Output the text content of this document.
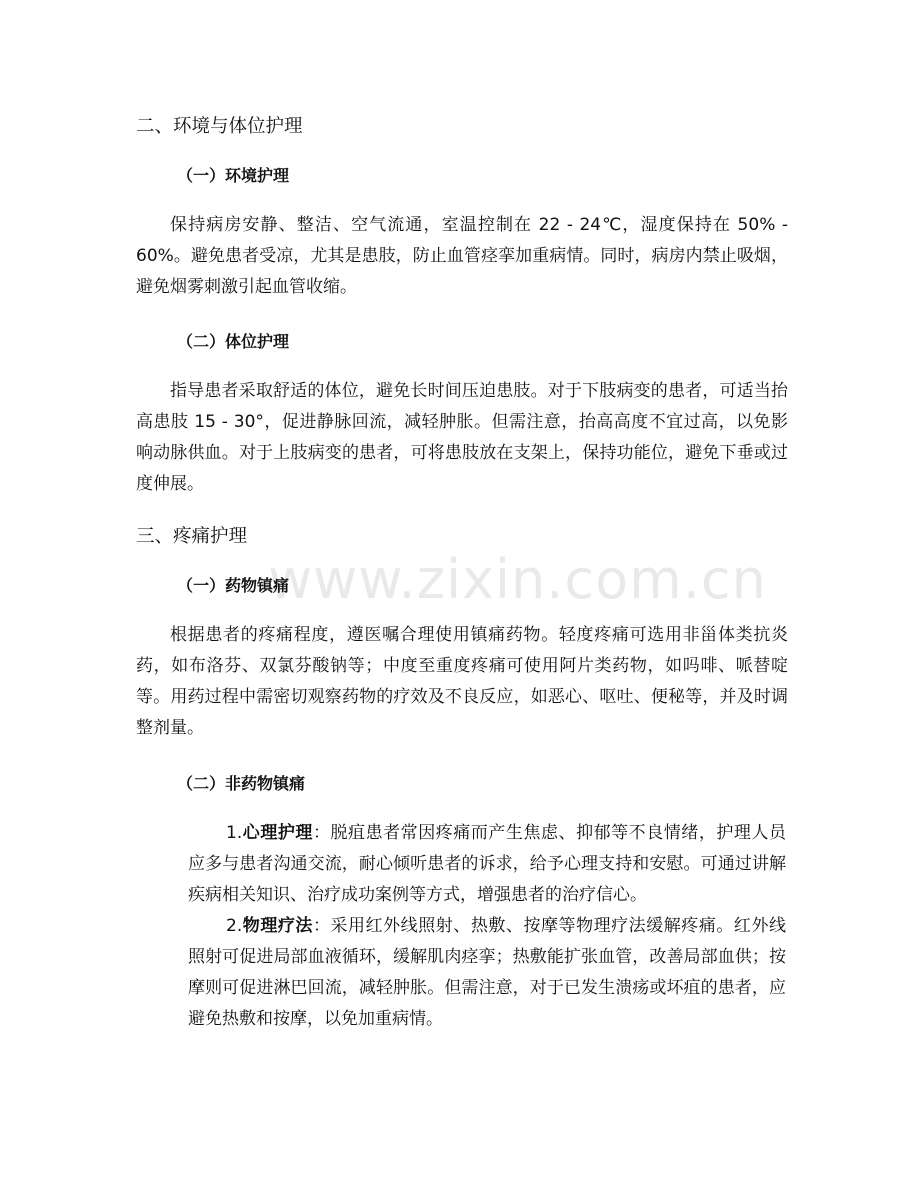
www.zixin.com.cn
二、环境与体位护理
（一）环境护理

保持病房安静、整洁、空气流通，室温控制在 22 - 24℃，湿度保持在 50% - 60%。避免患者受凉，尤其是患肢，防止血管痉挛加重病情。同时，病房内禁止吸烟，避免烟雾刺激引起血管收缩。

（二）体位护理

指导患者采取舒适的体位，避免长时间压迫患肢。对于下肢病变的患者，可适当抬高患肢 15 - 30°，促进静脉回流，减轻肿胀。但需注意，抬高高度不宜过高，以免影响动脉供血。对于上肢病变的患者，可将患肢放在支架上，保持功能位，避免下垂或过度伸展。

三、疼痛护理
（一）药物镇痛

根据患者的疼痛程度，遵医嘱合理使用镇痛药物。轻度疼痛可选用非甾体类抗炎药，如布洛芬、双氯芬酸钠等；中度至重度疼痛可使用阿片类药物，如吗啡、哌替啶等。用药过程中需密切观察药物的疗效及不良反应，如恶心、呕吐、便秘等，并及时调整剂量。

（二）非药物镇痛

1.心理护理：脱疽患者常因疼痛而产生焦虑、抑郁等不良情绪，护理人员应多与患者沟通交流，耐心倾听患者的诉求，给予心理支持和安慰。可通过讲解疾病相关知识、治疗成功案例等方式，增强患者的治疗信心。

2.物理疗法：采用红外线照射、热敷、按摩等物理疗法缓解疼痛。红外线照射可促进局部血液循环，缓解肌肉痉挛；热敷能扩张血管，改善局部血供；按摩则可促进淋巴回流，减轻肿胀。但需注意，对于已发生溃疡或坏疽的患者，应避免热敷和按摩，以免加重病情。
